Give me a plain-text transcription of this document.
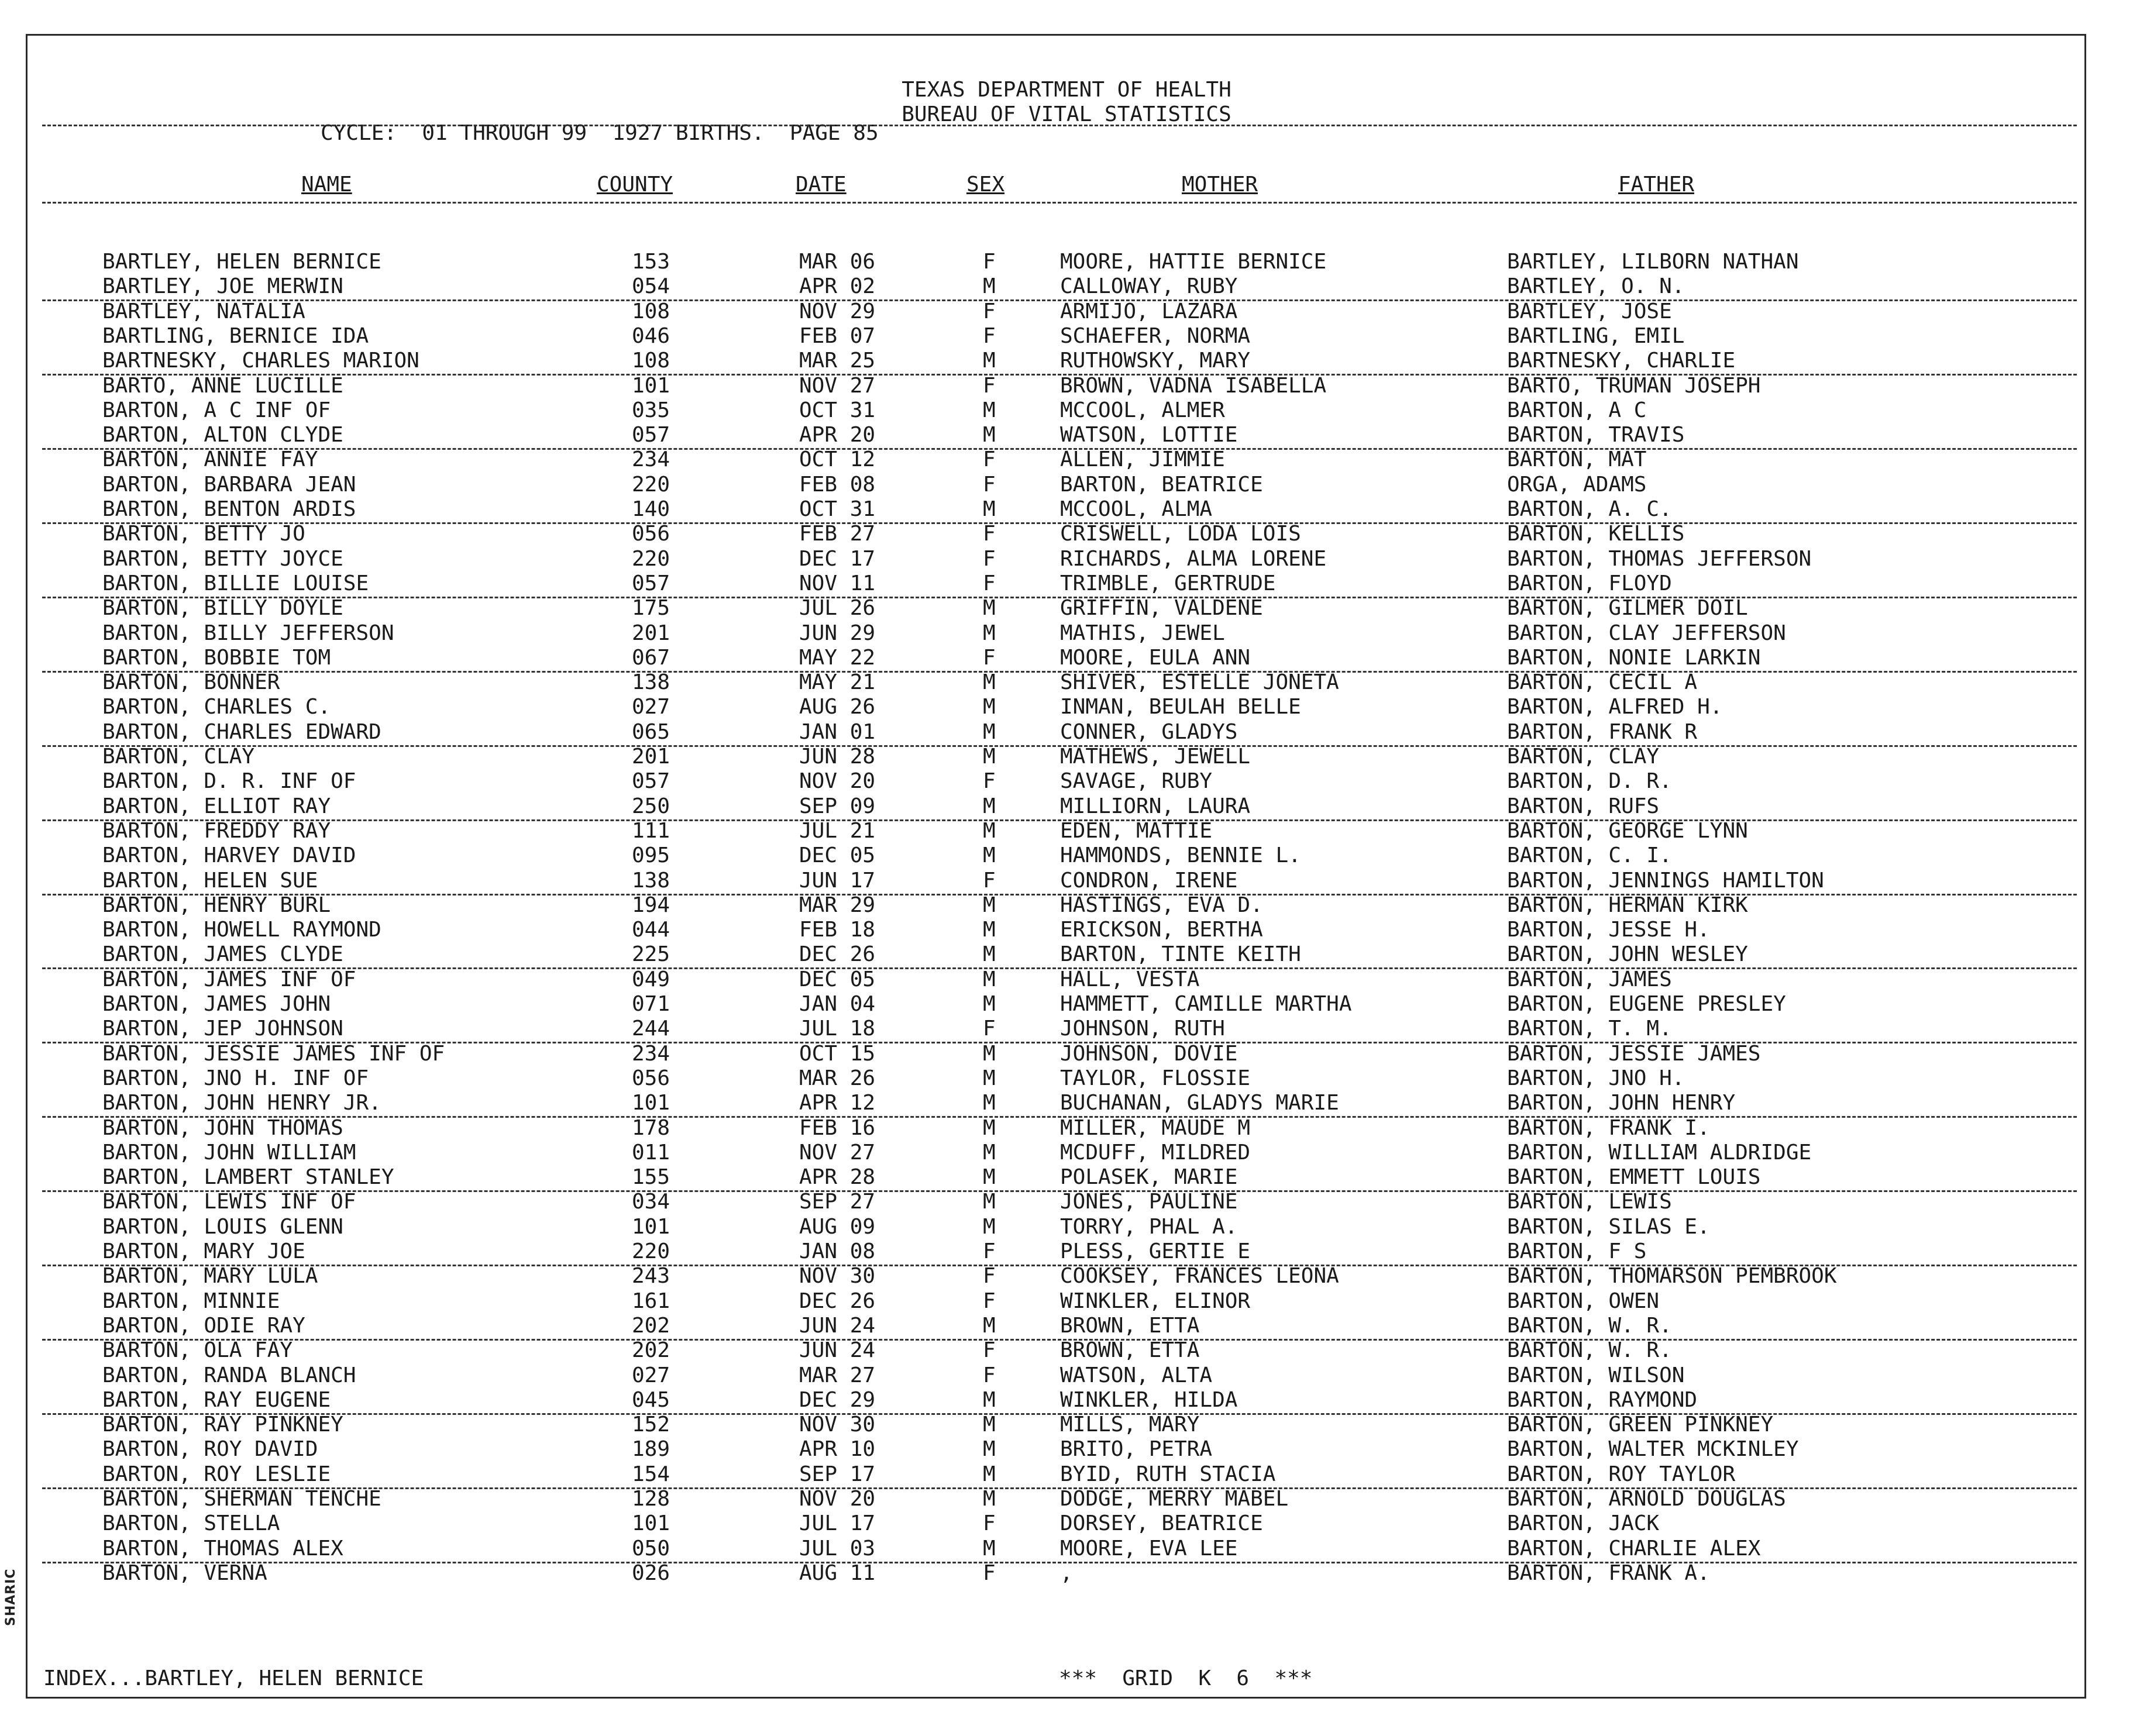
SHARIC
TEXAS DEPARTMENT OF HEALTH
BUREAU OF VITAL STATISTICS
CYCLE:  01 THROUGH 99  1927 BIRTHS.  PAGE 85
NAME	COUNTY	DATE	SEX	MOTHER	FATHER
BARTLEY, HELEN BERNICE	153	MAR 06	F	MOORE, HATTIE BERNICE	BARTLEY, LILBORN NATHAN
BARTLEY, JOE MERWIN	054	APR 02	M	CALLOWAY, RUBY	BARTLEY, O. N.
BARTLEY, NATALIA	108	NOV 29	F	ARMIJO, LAZARA	BARTLEY, JOSE
BARTLING, BERNICE IDA	046	FEB 07	F	SCHAEFER, NORMA	BARTLING, EMIL
BARTNESKY, CHARLES MARION	108	MAR 25	M	RUTHOWSKY, MARY	BARTNESKY, CHARLIE
BARTO, ANNE LUCILLE	101	NOV 27	F	BROWN, VADNA ISABELLA	BARTO, TRUMAN JOSEPH
BARTON, A C INF OF	035	OCT 31	M	MCCOOL, ALMER	BARTON, A C
BARTON, ALTON CLYDE	057	APR 20	M	WATSON, LOTTIE	BARTON, TRAVIS
BARTON, ANNIE FAY	234	OCT 12	F	ALLEN, JIMMIE	BARTON, MAT
BARTON, BARBARA JEAN	220	FEB 08	F	BARTON, BEATRICE	ORGA, ADAMS
BARTON, BENTON ARDIS	140	OCT 31	M	MCCOOL, ALMA	BARTON, A. C.
BARTON, BETTY JO	056	FEB 27	F	CRISWELL, LODA LOIS	BARTON, KELLIS
BARTON, BETTY JOYCE	220	DEC 17	F	RICHARDS, ALMA LORENE	BARTON, THOMAS JEFFERSON
BARTON, BILLIE LOUISE	057	NOV 11	F	TRIMBLE, GERTRUDE	BARTON, FLOYD
BARTON, BILLY DOYLE	175	JUL 26	M	GRIFFIN, VALDENE	BARTON, GILMER DOIL
BARTON, BILLY JEFFERSON	201	JUN 29	M	MATHIS, JEWEL	BARTON, CLAY JEFFERSON
BARTON, BOBBIE TOM	067	MAY 22	F	MOORE, EULA ANN	BARTON, NONIE LARKIN
BARTON, BONNER	138	MAY 21	M	SHIVER, ESTELLE JONETA	BARTON, CECIL A
BARTON, CHARLES C.	027	AUG 26	M	INMAN, BEULAH BELLE	BARTON, ALFRED H.
BARTON, CHARLES EDWARD	065	JAN 01	M	CONNER, GLADYS	BARTON, FRANK R
BARTON, CLAY	201	JUN 28	M	MATHEWS, JEWELL	BARTON, CLAY
BARTON, D. R. INF OF	057	NOV 20	F	SAVAGE, RUBY	BARTON, D. R.
BARTON, ELLIOT RAY	250	SEP 09	M	MILLIORN, LAURA	BARTON, RUFS
BARTON, FREDDY RAY	111	JUL 21	M	EDEN, MATTIE	BARTON, GEORGE LYNN
BARTON, HARVEY DAVID	095	DEC 05	M	HAMMONDS, BENNIE L.	BARTON, C. I.
BARTON, HELEN SUE	138	JUN 17	F	CONDRON, IRENE	BARTON, JENNINGS HAMILTON
BARTON, HENRY BURL	194	MAR 29	M	HASTINGS, EVA D.	BARTON, HERMAN KIRK
BARTON, HOWELL RAYMOND	044	FEB 18	M	ERICKSON, BERTHA	BARTON, JESSE H.
BARTON, JAMES CLYDE	225	DEC 26	M	BARTON, TINTE KEITH	BARTON, JOHN WESLEY
BARTON, JAMES INF OF	049	DEC 05	M	HALL, VESTA	BARTON, JAMES
BARTON, JAMES JOHN	071	JAN 04	M	HAMMETT, CAMILLE MARTHA	BARTON, EUGENE PRESLEY
BARTON, JEP JOHNSON	244	JUL 18	F	JOHNSON, RUTH	BARTON, T. M.
BARTON, JESSIE JAMES INF OF	234	OCT 15	M	JOHNSON, DOVIE	BARTON, JESSIE JAMES
BARTON, JNO H. INF OF	056	MAR 26	M	TAYLOR, FLOSSIE	BARTON, JNO H.
BARTON, JOHN HENRY JR.	101	APR 12	M	BUCHANAN, GLADYS MARIE	BARTON, JOHN HENRY
BARTON, JOHN THOMAS	178	FEB 16	M	MILLER, MAUDE M	BARTON, FRANK I.
BARTON, JOHN WILLIAM	011	NOV 27	M	MCDUFF, MILDRED	BARTON, WILLIAM ALDRIDGE
BARTON, LAMBERT STANLEY	155	APR 28	M	POLASEK, MARIE	BARTON, EMMETT LOUIS
BARTON, LEWIS INF OF	034	SEP 27	M	JONES, PAULINE	BARTON, LEWIS
BARTON, LOUIS GLENN	101	AUG 09	M	TORRY, PHAL A.	BARTON, SILAS E.
BARTON, MARY JOE	220	JAN 08	F	PLESS, GERTIE E	BARTON, F S
BARTON, MARY LULA	243	NOV 30	F	COOKSEY, FRANCES LEONA	BARTON, THOMARSON PEMBROOK
BARTON, MINNIE	161	DEC 26	F	WINKLER, ELINOR	BARTON, OWEN
BARTON, ODIE RAY	202	JUN 24	M	BROWN, ETTA	BARTON, W. R.
BARTON, OLA FAY	202	JUN 24	F	BROWN, ETTA	BARTON, W. R.
BARTON, RANDA BLANCH	027	MAR 27	F	WATSON, ALTA	BARTON, WILSON
BARTON, RAY EUGENE	045	DEC 29	M	WINKLER, HILDA	BARTON, RAYMOND
BARTON, RAY PINKNEY	152	NOV 30	M	MILLS, MARY	BARTON, GREEN PINKNEY
BARTON, ROY DAVID	189	APR 10	M	BRITO, PETRA	BARTON, WALTER MCKINLEY
BARTON, ROY LESLIE	154	SEP 17	M	BYID, RUTH STACIA	BARTON, ROY TAYLOR
BARTON, SHERMAN TENCHE	128	NOV 20	M	DODGE, MERRY MABEL	BARTON, ARNOLD DOUGLAS
BARTON, STELLA	101	JUL 17	F	DORSEY, BEATRICE	BARTON, JACK
BARTON, THOMAS ALEX	050	JUL 03	M	MOORE, EVA LEE	BARTON, CHARLIE ALEX
BARTON, VERNA	026	AUG 11	F	,	BARTON, FRANK A.
INDEX...BARTLEY, HELEN BERNICE	***  GRID  K  6  ***
